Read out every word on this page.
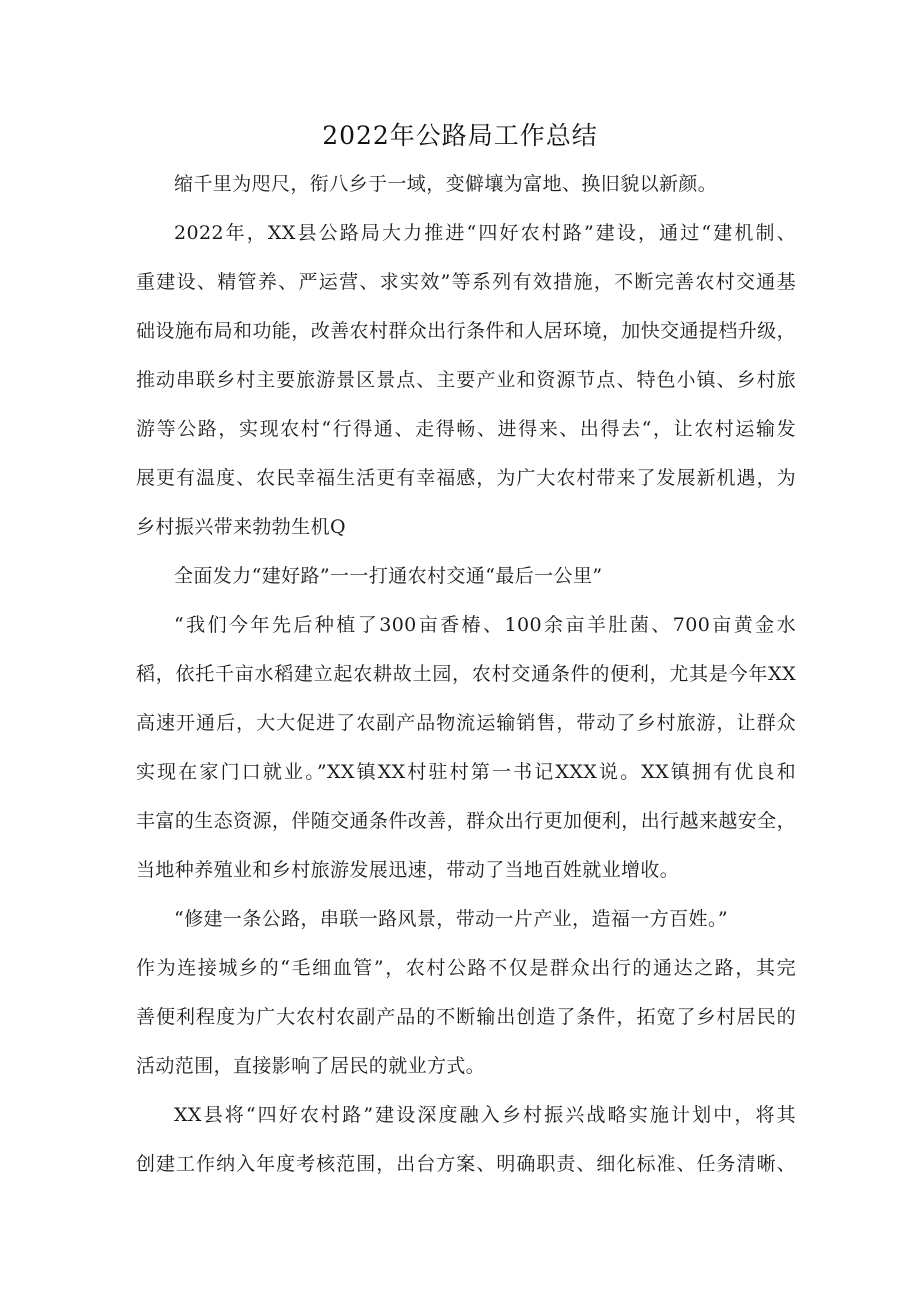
2022年公路局工作总结
缩千里为咫尺，衔八乡于一域，变僻壤为富地、换旧貌以新颜。
2022年，XX县公路局大力推进“四好农村路”建设，通过“建机制、
重建设、精管养、严运营、求实效”等系列有效措施，不断完善农村交通基
础设施布局和功能，改善农村群众出行条件和人居环境，加快交通提档升级，
推动串联乡村主要旅游景区景点、主要产业和资源节点、特色小镇、乡村旅
游等公路，实现农村“行得通、走得畅、进得来、出得去“，让农村运输发
展更有温度、农民幸福生活更有幸福感，为广大农村带来了发展新机遇，为
乡村振兴带来勃勃生机Q
全面发力“建好路”一一打通农村交通“最后一公里”
“我们今年先后种植了300亩香椿、100余亩羊肚菌、700亩黄金水
稻，依托千亩水稻建立起农耕故土园，农村交通条件的便利，尤其是今年XX
高速开通后，大大促进了农副产品物流运输销售，带动了乡村旅游，让群众
实现在家门口就业。”XX镇XX村驻村第一书记XXX说。XX镇拥有优良和
丰富的生态资源，伴随交通条件改善，群众出行更加便利，出行越来越安全，
当地种养殖业和乡村旅游发展迅速，带动了当地百姓就业增收。
“修建一条公路，串联一路风景，带动一片产业，造福一方百姓。”
作为连接城乡的“毛细血管”，农村公路不仅是群众出行的通达之路，其完
善便利程度为广大农村农副产品的不断输出创造了条件，拓宽了乡村居民的
活动范围，直接影响了居民的就业方式。
XX县将“四好农村路”建设深度融入乡村振兴战略实施计划中，将其
创建工作纳入年度考核范围，出台方案、明确职责、细化标准、任务清晰、
